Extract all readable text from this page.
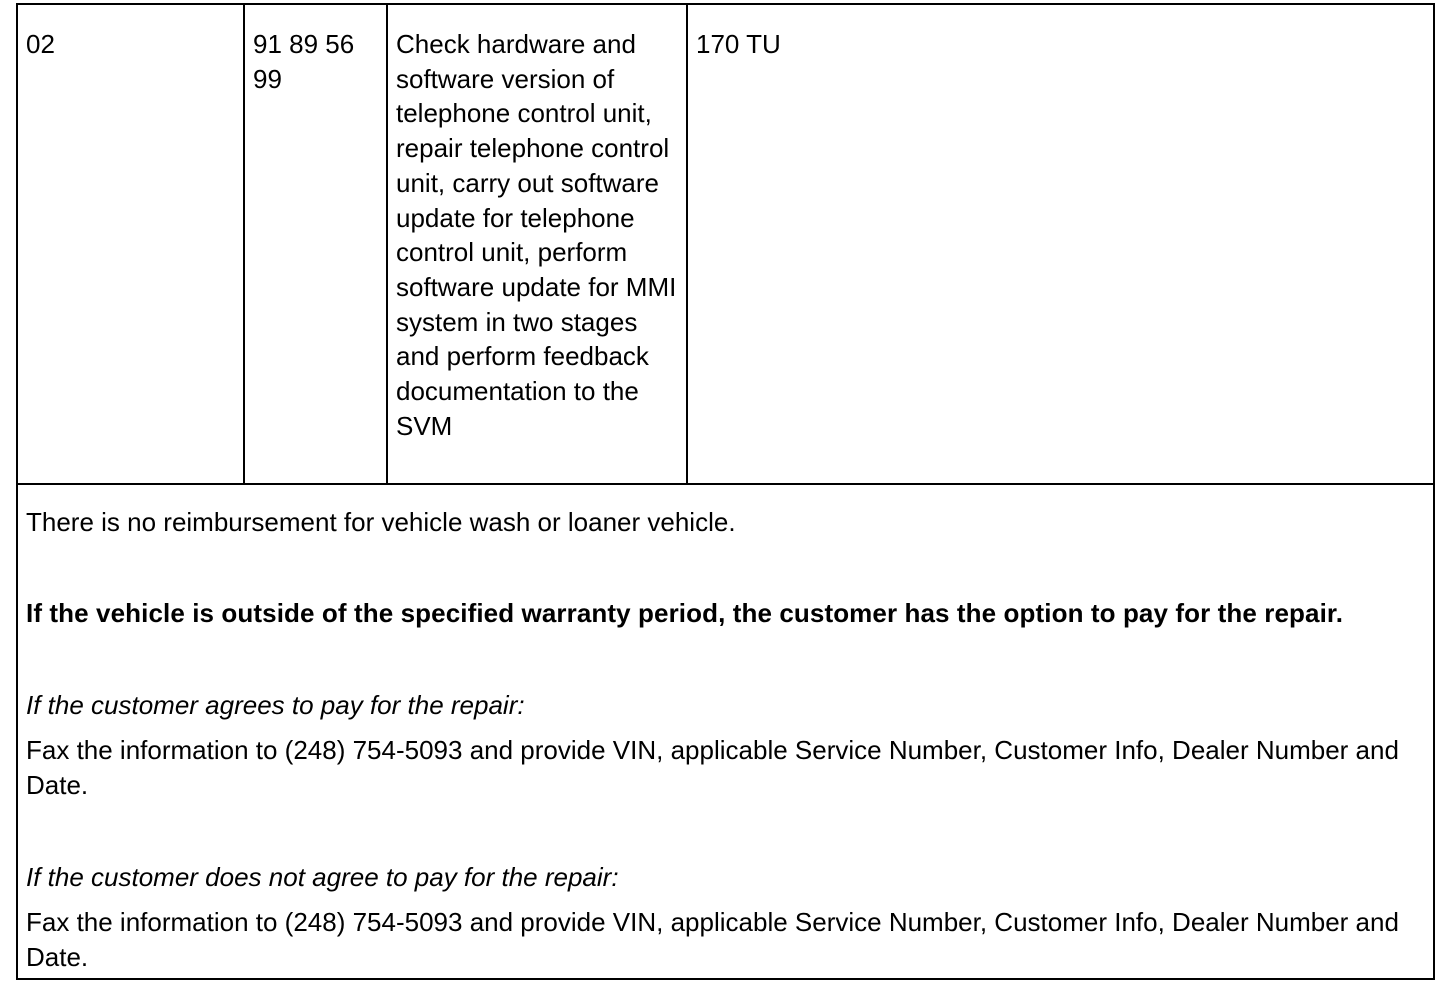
02	91 89 56 99
Check hardware and software version of telephone control unit, repair telephone control unit, carry out software update for telephone control unit, perform software update for MMI system in two stages and perform feedback documentation to the SVM
170 TU
There is no reimbursement for vehicle wash or loaner vehicle.
If the vehicle is outside of the specified warranty period, the customer has the option to pay for the repair.
If the customer agrees to pay for the repair:
Fax the information to (248) 754-5093 and provide VIN, applicable Service Number, Customer Info, Dealer Number and Date.
If the customer does not agree to pay for the repair:
Fax the information to (248) 754-5093 and provide VIN, applicable Service Number, Customer Info, Dealer Number and Date.
